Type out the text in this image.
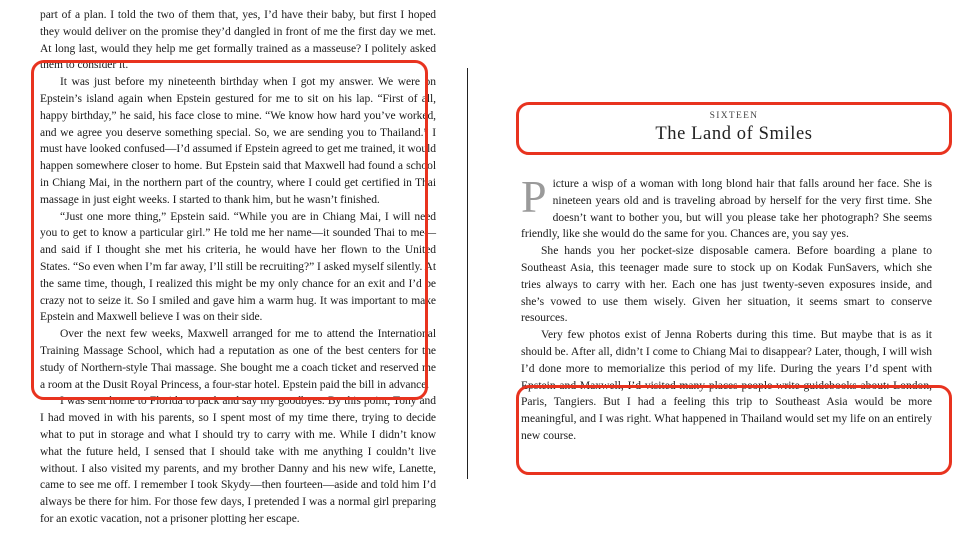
part of a plan. I told the two of them that, yes, I’d have their baby, but first I hoped they would deliver on the promise they’d dangled in front of me the first day we met. At long last, would they help me get formally trained as a masseuse? I politely asked them to consider it.

It was just before my nineteenth birthday when I got my answer. We were on Epstein’s island again when Epstein gestured for me to sit on his lap. “First of all, happy birthday,” he said, his face close to mine. “We know how hard you’ve worked, and we agree you deserve something special. So, we are sending you to Thailand.” I must have looked confused—I’d assumed if Epstein agreed to get me trained, it would happen somewhere closer to home. But Epstein said that Maxwell had found a school in Chiang Mai, in the northern part of the country, where I could get certified in Thai massage in just eight weeks. I started to thank him, but he wasn’t finished.

“Just one more thing,” Epstein said. “While you are in Chiang Mai, I will need you to get to know a particular girl.” He told me her name—it sounded Thai to me—and said if I thought she met his criteria, he would have her flown to the United States. “So even when I’m far away, I’ll still be recruiting?” I asked myself silently. At the same time, though, I realized this might be my only chance for an exit and I’d be crazy not to seize it. So I smiled and gave him a warm hug. It was important to make Epstein and Maxwell believe I was on their side.

Over the next few weeks, Maxwell arranged for me to attend the International Training Massage School, which had a reputation as one of the best centers for the study of Northern-style Thai massage. She bought me a coach ticket and reserved me a room at the Dusit Royal Princess, a four-star hotel. Epstein paid the bill in advance.

I was sent home to Florida to pack and say my goodbyes. By this point, Tony and I had moved in with his parents, so I spent most of my time there, trying to decide what to put in storage and what I should try to carry with me. While I didn’t know what the future held, I sensed that I should take with me anything I couldn’t live without. I also visited my parents, and my brother Danny and his new wife, Lanette, came to see me off. I remember I took Skydy—then fourteen—aside and told him I’d always be there for him. For those few days, I pretended I was a normal girl preparing for an exotic vacation, not a prisoner plotting her escape.

SIXTEEN
The Land of Smiles

Picture a wisp of a woman with long blond hair that falls around her face. She is nineteen years old and is traveling abroad by herself for the very first time. She doesn’t want to bother you, but will you please take her photograph? She seems friendly, like she would do the same for you. Chances are, you say yes.

She hands you her pocket-size disposable camera. Before boarding a plane to Southeast Asia, this teenager made sure to stock up on Kodak FunSavers, which she tries always to carry with her. Each one has just twenty-seven exposures inside, and she’s vowed to use them wisely. Given her situation, it seems smart to conserve resources.

Very few photos exist of Jenna Roberts during this time. But maybe that is as it should be. After all, didn’t I come to Chiang Mai to disappear? Later, though, I will wish I’d done more to memorialize this period of my life. During the years I’d spent with Epstein and Maxwell, I’d visited many places people write guidebooks about: London, Paris, Tangiers. But I had a feeling this trip to Southeast Asia would be more meaningful, and I was right. What happened in Thailand would set my life on an entirely new course.
